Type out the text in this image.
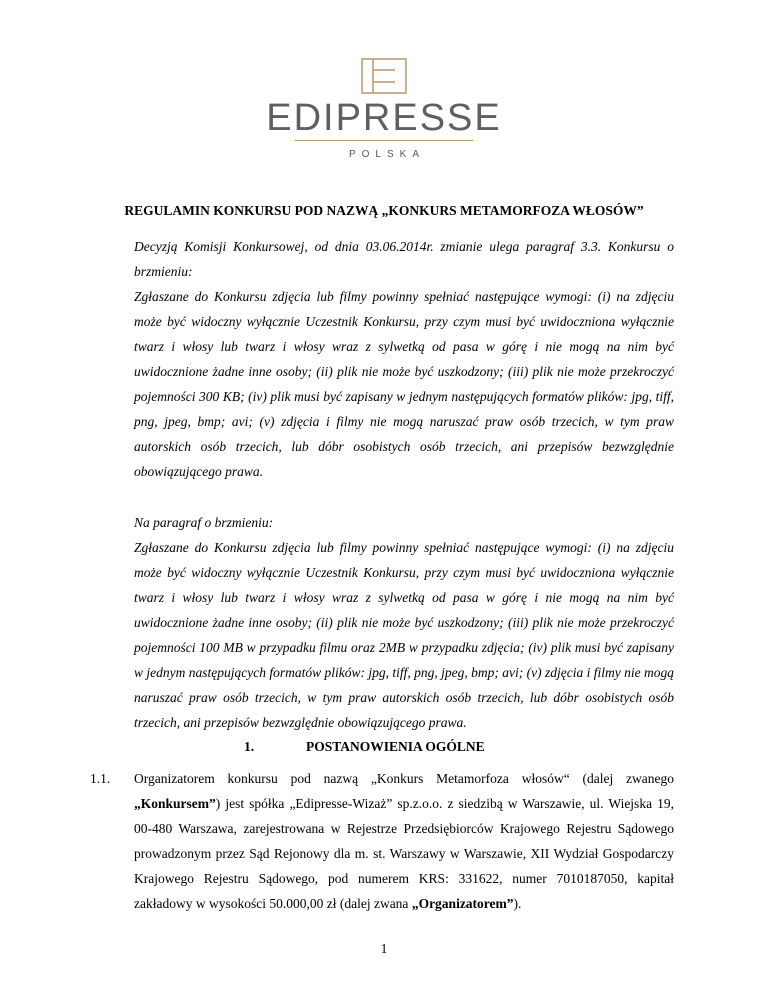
EDIPRESSE
POLSKA
REGULAMIN KONKURSU POD NAZWĄ „KONKURS METAMORFOZA WŁOSÓW”

Decyzją Komisji Konkursowej, od dnia 03.06.2014r. zmianie ulega paragraf 3.3. Konkursu o brzmieniu:

Zgłaszane do Konkursu zdjęcia lub filmy powinny spełniać następujące wymogi: (i) na zdjęciu może być widoczny wyłącznie Uczestnik Konkursu, przy czym musi być uwidoczniona wyłącznie twarz i włosy lub twarz i włosy wraz z sylwetką od pasa w górę i nie mogą na nim być uwidocznione żadne inne osoby; (ii) plik nie może być uszkodzony; (iii) plik nie może przekroczyć pojemności 300 KB; (iv) plik musi być zapisany w jednym następujących formatów plików: jpg, tiff, png, jpeg, bmp; avi; (v) zdjęcia i filmy nie mogą naruszać praw osób trzecich, w tym praw autorskich osób trzecich, lub dóbr osobistych osób trzecich, ani przepisów bezwzględnie obowiązującego prawa.

Na paragraf o brzmieniu:

Zgłaszane do Konkursu zdjęcia lub filmy powinny spełniać następujące wymogi: (i) na zdjęciu może być widoczny wyłącznie Uczestnik Konkursu, przy czym musi być uwidoczniona wyłącznie twarz i włosy lub twarz i włosy wraz z sylwetką od pasa w górę i nie mogą na nim być uwidocznione żadne inne osoby; (ii) plik nie może być uszkodzony; (iii) plik nie może przekroczyć pojemności 100 MB w przypadku filmu oraz 2MB w przypadku zdjęcia; (iv) plik musi być zapisany w jednym następujących formatów plików: jpg, tiff, png, jpeg, bmp; avi; (v) zdjęcia i filmy nie mogą naruszać praw osób trzecich, w tym praw autorskich osób trzecich, lub dóbr osobistych osób trzecich, ani przepisów bezwzględnie obowiązującego prawa.

1.	POSTANOWIENIA OGÓLNE
1.1. Organizatorem konkursu pod nazwą „Konkurs Metamorfoza włosów“ (dalej zwanego „Konkursem”) jest spółka „Edipresse-Wizaż” sp.z.o.o. z siedzibą w Warszawie, ul. Wiejska 19, 00-480 Warszawa, zarejestrowana w Rejestrze Przedsiębiorców Krajowego Rejestru Sądowego prowadzonym przez Sąd Rejonowy dla m. st. Warszawy w Warszawie, XII Wydział Gospodarczy Krajowego Rejestru Sądowego, pod numerem KRS: 331622, numer 7010187050, kapitał zakładowy w wysokości 50.000,00 zł (dalej zwana „Organizatorem”).
1
